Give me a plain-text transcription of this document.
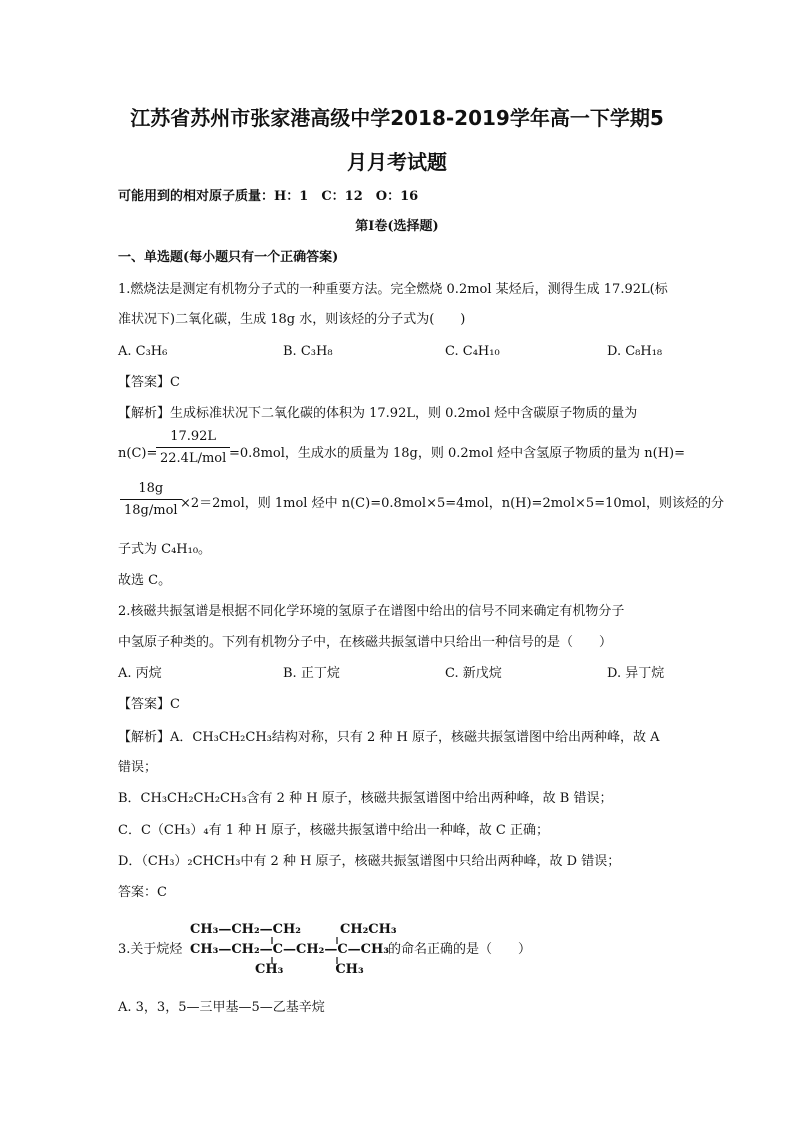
江苏省苏州市张家港高级中学2018-2019学年高一下学期5
月月考试题
可能用到的相对原子质量：H：1　C：12　O：16
第Ⅰ卷(选择题)
一、单选题(每小题只有一个正确答案)
1.燃烧法是测定有机物分子式的一种重要方法。完全燃烧 0.2mol 某烃后，测得生成 17.92L(标
准状况下)二氧化碳，生成 18g 水，则该烃的分子式为(　　)
A. C₃H₆	B. C₃H₈	C. C₄H₁₀	D. C₈H₁₈
【答案】C
【解析】生成标准状况下二氧化碳的体积为 17.92L，则 0.2mol 烃中含碳原子物质的量为
n(C)=
17.92L
22.4L/mol =0.8mol，生成水的质量为 18g，则 0.2mol 烃中含氢原子物质的量为 n(H)=
18g
18g/mol ×2＝2mol，则 1mol 烃中 n(C)=0.8mol×5=4mol，n(H)=2mol×5=10mol，则该烃的分
子式为 C₄H₁₀。
故选 C。
2.核磁共振氢谱是根据不同化学环境的氢原子在谱图中给出的信号不同来确定有机物分子
中氢原子种类的。下列有机物分子中，在核磁共振氢谱中只给出一种信号的是（　　）
A. 丙烷	B. 正丁烷	C. 新戊烷	D. 异丁烷
【答案】C
【解析】A．CH₃CH₂CH₃结构对称，只有 2 种 H 原子，核磁共振氢谱图中给出两种峰，故 A
错误；
B．CH₃CH₂CH₂CH₃含有 2 种 H 原子，核磁共振氢谱图中给出两种峰，故 B 错误；
C．C（CH₃）₄有 1 种 H 原子，核磁共振氢谱中给出一种峰，故 C 正确；
D．（CH₃）₂CHCH₃中有 2 种 H 原子，核磁共振氢谱图中只给出两种峰，故 D 错误；
答案：C
3.关于烷烃
CH₃—CH₂—CH₂　　　CH₂CH₃
CH₃—CH₂—C—CH₂—C—CH₃
　　　　　CH₃　　　　CH₃
的命名正确的是（　　）
A. 3，3，5—三甲基—5—乙基辛烷
